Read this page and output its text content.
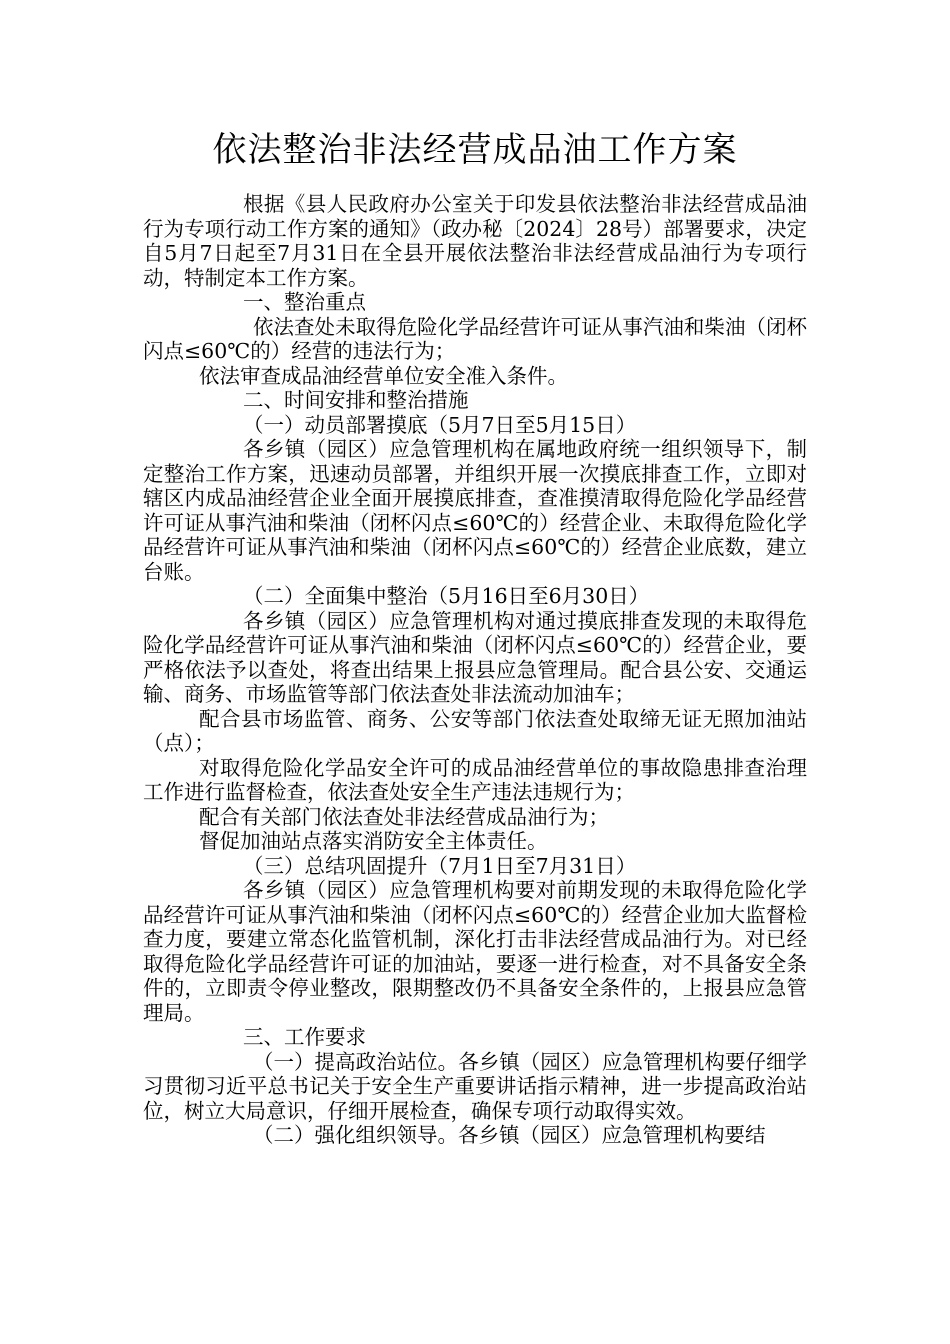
依法整治非法经营成品油工作方案

根据《县人民政府办公室关于印发县依法整治非法经营成品油行为专项行动工作方案的通知》（政办秘〔2024〕28号）部署要求，决定自5月7日起至7月31日在全县开展依法整治非法经营成品油行为专项行动，特制定本工作方案。

一、整治重点

依法查处未取得危险化学品经营许可证从事汽油和柴油（闭杯闪点≤60℃的）经营的违法行为；

依法审查成品油经营单位安全准入条件。

二、时间安排和整治措施

（一）动员部署摸底（5月7日至5月15日）

各乡镇（园区）应急管理机构在属地政府统一组织领导下，制定整治工作方案，迅速动员部署，并组织开展一次摸底排查工作，立即对辖区内成品油经营企业全面开展摸底排查，查准摸清取得危险化学品经营许可证从事汽油和柴油（闭杯闪点≤60℃的）经营企业、未取得危险化学品经营许可证从事汽油和柴油（闭杯闪点≤60℃的）经营企业底数，建立台账。

（二）全面集中整治（5月16日至6月30日）

各乡镇（园区）应急管理机构对通过摸底排查发现的未取得危险化学品经营许可证从事汽油和柴油（闭杯闪点≤60℃的）经营企业，要严格依法予以查处，将查出结果上报县应急管理局。配合县公安、交通运输、商务、市场监管等部门依法查处非法流动加油车；

配合县市场监管、商务、公安等部门依法查处取缔无证无照加油站（点）；

对取得危险化学品安全许可的成品油经营单位的事故隐患排查治理工作进行监督检查，依法查处安全生产违法违规行为；

配合有关部门依法查处非法经营成品油行为；

督促加油站点落实消防安全主体责任。

（三）总结巩固提升（7月1日至7月31日）

各乡镇（园区）应急管理机构要对前期发现的未取得危险化学品经营许可证从事汽油和柴油（闭杯闪点≤60℃的）经营企业加大监督检查力度，要建立常态化监管机制，深化打击非法经营成品油行为。对已经取得危险化学品经营许可证的加油站，要逐一进行检查，对不具备安全条件的，立即责令停业整改，限期整改仍不具备安全条件的，上报县应急管理局。

三、工作要求

（一）提高政治站位。各乡镇（园区）应急管理机构要仔细学习贯彻习近平总书记关于安全生产重要讲话指示精神，进一步提高政治站位，树立大局意识，仔细开展检查，确保专项行动取得实效。

（二）强化组织领导。各乡镇（园区）应急管理机构要结
